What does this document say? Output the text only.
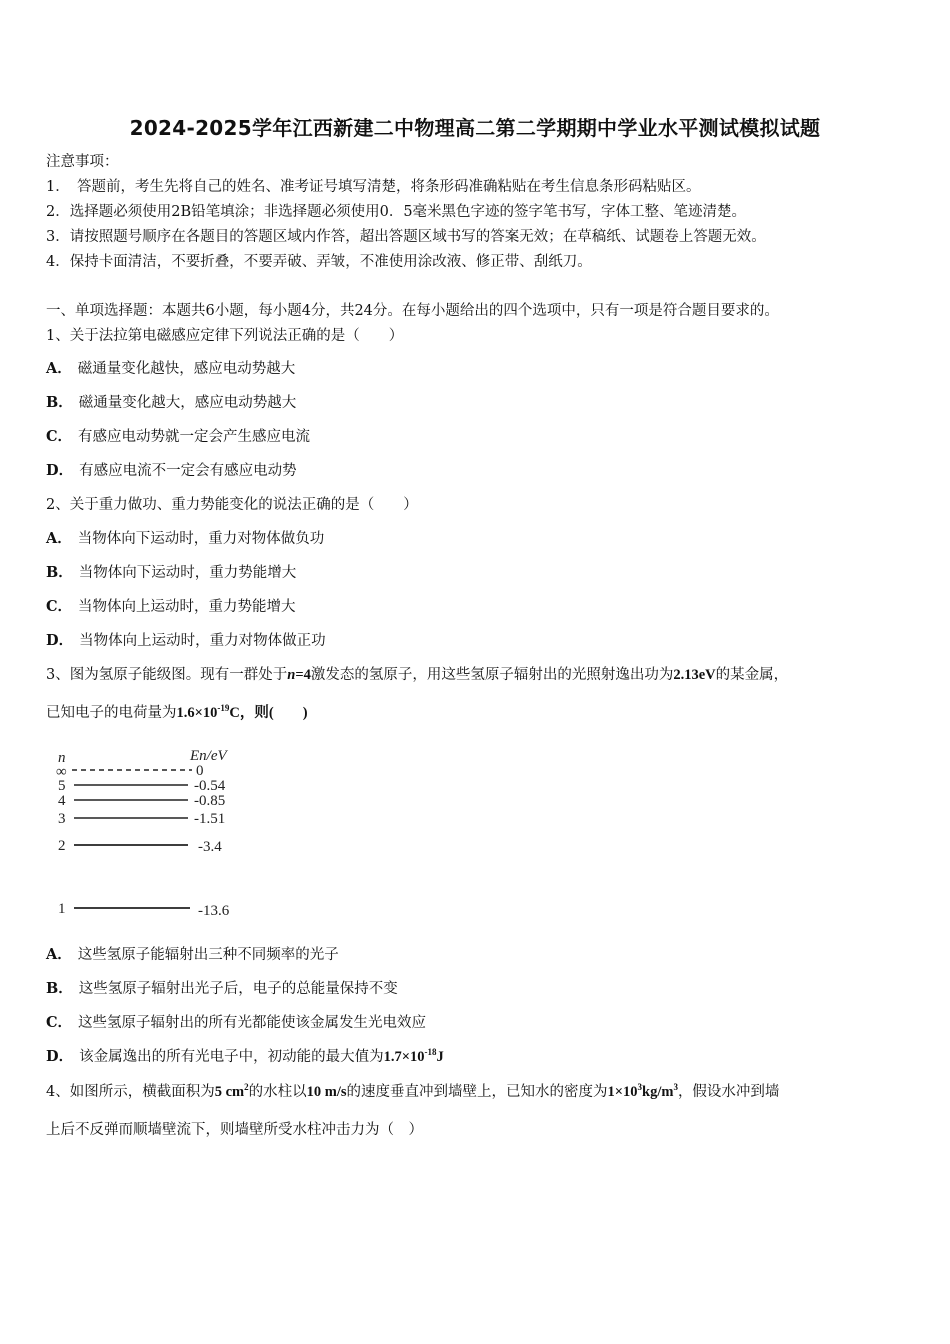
2024-2025学年江西新建二中物理高二第二学期期中学业水平测试模拟试题
注意事项：
1．　答题前，考生先将自己的姓名、准考证号填写清楚，将条形码准确粘贴在考生信息条形码粘贴区。
2．选择题必须使用2B铅笔填涂；非选择题必须使用0．5毫米黑色字迹的签字笔书写，字体工整、笔迹清楚。
3．请按照题号顺序在各题目的答题区域内作答，超出答题区域书写的答案无效；在草稿纸、试题卷上答题无效。
4．保持卡面清洁，不要折叠，不要弄破、弄皱，不准使用涂改液、修正带、刮纸刀。
一、单项选择题：本题共6小题，每小题4分，共24分。在每小题给出的四个选项中，只有一项是符合题目要求的。
1、关于法拉第电磁感应定律下列说法正确的是（　　）
A． 磁通量变化越快，感应电动势越大
B． 磁通量变化越大，感应电动势越大
C． 有感应电动势就一定会产生感应电流
D． 有感应电流不一定会有感应电动势
2、关于重力做功、重力势能变化的说法正确的是（　　）
A． 当物体向下运动时，重力对物体做负功
B． 当物体向下运动时，重力势能增大
C． 当物体向上运动时，重力势能增大
D． 当物体向上运动时，重力对物体做正功
3、图为氢原子能级图。现有一群处于n=4激发态的氢原子，用这些氢原子辐射出的光照射逸出功为2.13eV的某金属，
已知电子的电荷量为$1.6\times 10^{-19}C$，则(　　)
n	En/eV
∞	0
5	-0.54
4	-0.85
3	-1.51
2	-3.4
1	-13.6
A． 这些氢原子能辐射出三种不同频率的光子
B． 这些氢原子辐射出光子后，电子的总能量保持不变
C． 这些氢原子辐射出的所有光都能使该金属发生光电效应
D． 该金属逸出的所有光电子中，初动能的最大值为$1.7\times 10^{-18}J$
4、如图所示，横截面积为5 $cm^2$的水柱以10 m/s的速度垂直冲到墙壁上，已知水的密度为$1\times 10^3kg/m^3$，假设水冲到墙
上后不反弹而顺墙壁流下，则墙壁所受水柱冲击力为（　）
